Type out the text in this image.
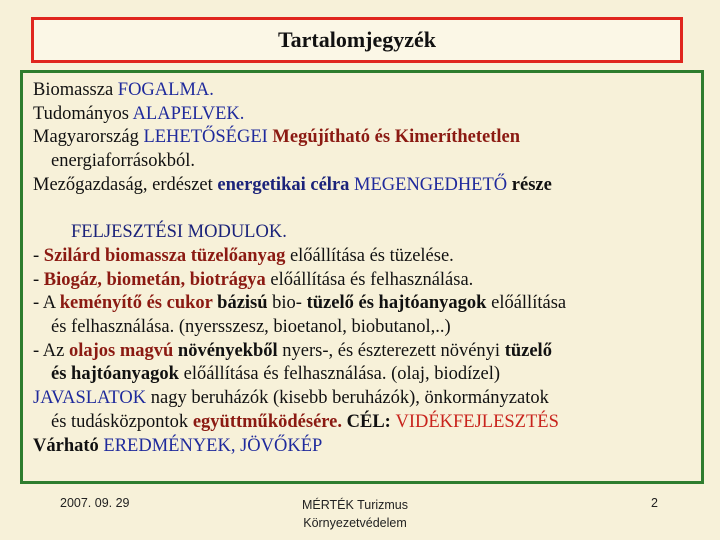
Tartalomjegyzék
Biomassza FOGALMA.
Tudományos ALAPELVEK.
Magyarország LEHETŐSÉGEI Megújítható és Kimeríthetetlen
energiaforrásokból.
Mezőgazdaság, erdészet energetikai célra MEGENGEDHETŐ része
FELJESZTÉSI MODULOK.
- Szilárd biomassza tüzelőanyag előállítása és tüzelése.
- Biogáz, biometán, biotrágya előállítása és felhasználása.
- A keményítő és cukor bázisú bio- tüzelő és hajtóanyagok előállítása
és felhasználása. (nyersszesz, bioetanol, biobutanol,..)
- Az olajos magvú növényekből nyers-, és észterezett növényi tüzelő
és hajtóanyagok előállítása és felhasználása. (olaj, biodízel)
JAVASLATOK nagy beruházók (kisebb beruházók), önkormányzatok
és tudásközpontok együttműködésére. CÉL: VIDÉKFEJLESZTÉS
Várható EREDMÉNYEK, JÖVŐKÉP
2007. 09. 29	MÉRTÉK Turizmus
Környezetvédelem
2
